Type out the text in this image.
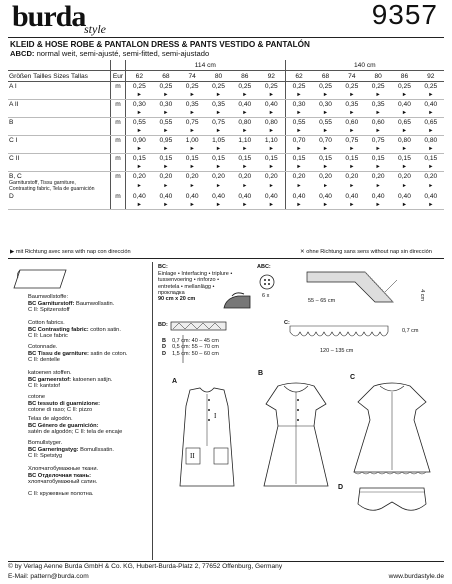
burda
style	9357
KLEID & HOSE ROBE & PANTALON DRESS & PANTS VESTIDO & PANTALÓN
ABCD: normal weit, semi-ajusté, semi-fitted, semi-ajustado
		114 cm						140 cm					
Größen Tailles Sizes Tallas	Eur	62	68	74	80	86	92	62	68	74	80	86	92
A I	m	0,25	0,25	0,25	0,25	0,25	0,25	0,25	0,25	0,25	0,25	0,25	0,25
		►	►	►	►	►	►	►	►	►	►	►	►
A II	m	0,30	0,30	0,35	0,35	0,40	0,40	0,30	0,30	0,35	0,35	0,40	0,40
		►	►	►	►	►	►	►	►	►	►	►	►
B	m	0,55	0,55	0,75	0,75	0,80	0,80	0,55	0,55	0,60	0,60	0,65	0,65
		►	►	►	►	►	►	►	►	►	►	►	►
C I	m	0,90	0,95	1,00	1,05	1,10	1,10	0,70	0,70	0,75	0,75	0,80	0,80
		►	►	►	►	►	►	►	►	►	►	►	►
C II	m	0,15	0,15	0,15	0,15	0,15	0,15	0,15	0,15	0,15	0,15	0,15	0,15
		►	►	►	►	►	►	►	►	►	►	►	►
B, C	m	0,20	0,20	0,20	0,20	0,20	0,20	0,20	0,20	0,20	0,20	0,20	0,20
Garniturstoff, Tissu garniture,
Contrasting fabric, Tela de guarnición		►	►	►	►	►	►	►	►	►	►	►	►
D	m	0,40	0,40	0,40	0,40	0,40	0,40	0,40	0,40	0,40	0,40	0,40	0,40
		►	►	►	►	►	►	►	►	►	►	►	►
▶ mit Richtung avec sens with nap con dirección	✕ ohne Richtung sans sens without nap sin dirección
Baumwollstoffe:
BC Garniturstoff: Baumwollsatin.
C II: Spitzenstoff
Cotton fabrics.
BC Contrasting fabric: cotton satin.
C II: Lace fabric
Cotonnade.
BC Tissu de garniture: satin de coton.
C II: dentelle
katoenen stoffen.
BC garneerstof: katoenen satijn.
C II: kantstof
cotone
BC tessuto di guarnizione:
cotone di raso; C II: pizzo
Telas de algodón.
BC Género de guarnición:
satén de algodón; C II: tela de encaje
Bomullstyger.
BC Garneringstyg: Bomullssatin.
C II: Spetstyg
Хлопчатобумажные ткани.
BC Отделочная ткань:
хлопчатобумажный сатин.
C II: кружевные полотна.
BC:
Einlage • Interfacing • triplure •
tussenvoering • rinforzo •
entretela • mellanlägg •
прокладка
90 cm x 20 cm
ABC:
6 x
55 – 65 cm	4 cm
BD:
B    0,7 cm: 40 – 45 cm
D    0,5 cm: 55 – 70 cm
D    1,5 cm: 50 – 60 cm
C:
120 – 135 cm
0,7 cm
A
I
II
B
C
D
© by Verlag Aenne Burda GmbH & Co. KG, Hubert-Burda-Platz 2, 77652 Offenburg, Germany
E-Mail: pattern@burda.com	www.burdastyle.de
